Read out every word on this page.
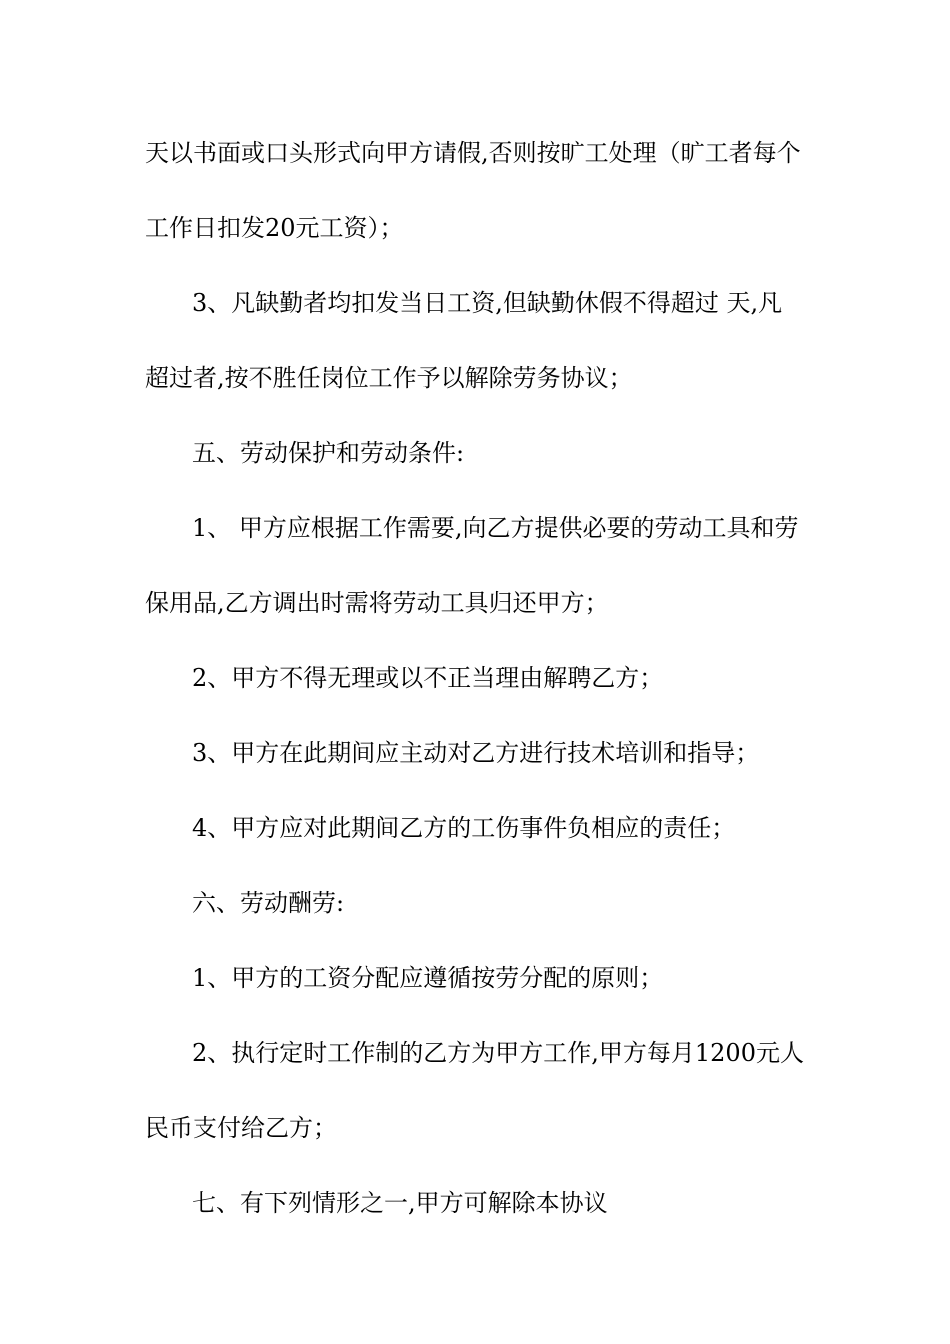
天以书面或口头形式向甲方请假,否则按旷工处理（旷工者每个
工作日扣发20元工资）；
3、凡缺勤者均扣发当日工资,但缺勤休假不得超过 天,凡
超过者,按不胜任岗位工作予以解除劳务协议；
五、劳动保护和劳动条件:
1、 甲方应根据工作需要,向乙方提供必要的劳动工具和劳
保用品,乙方调出时需将劳动工具归还甲方；
2、甲方不得无理或以不正当理由解聘乙方；
3、甲方在此期间应主动对乙方进行技术培训和指导；
4、甲方应对此期间乙方的工伤事件负相应的责任；
六、劳动酬劳:
1、甲方的工资分配应遵循按劳分配的原则；
2、执行定时工作制的乙方为甲方工作,甲方每月1200元人
民币支付给乙方；
七、有下列情形之一,甲方可解除本协议
